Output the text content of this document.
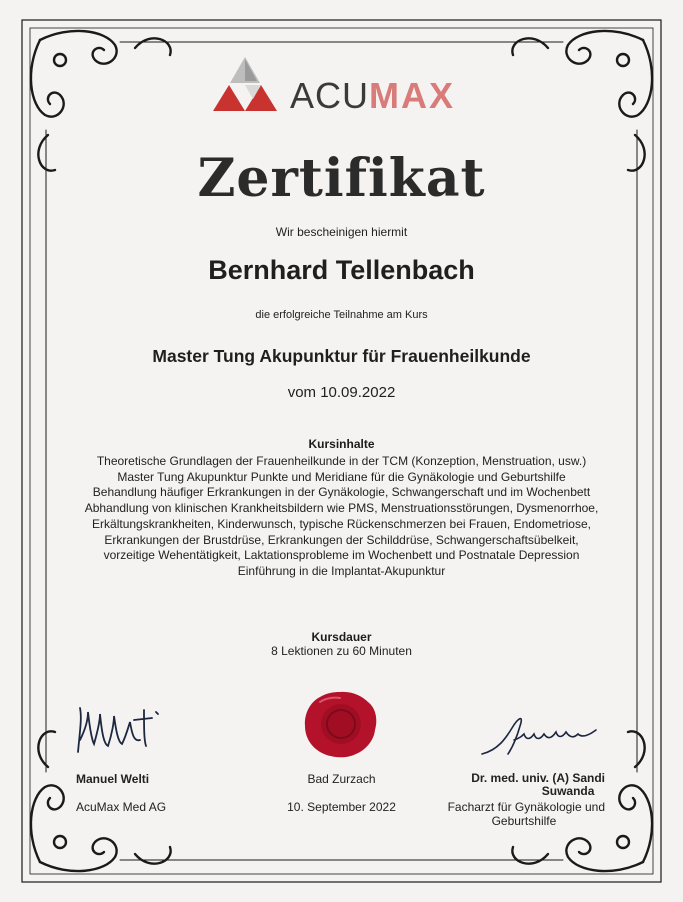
ACUMAX
Zertifikat
Wir bescheinigen hiermit
Bernhard Tellenbach
die erfolgreiche Teilnahme am Kurs
Master Tung Akupunktur für Frauenheilkunde
vom 10.09.2022
Kursinhalte
Theoretische Grundlagen der Frauenheilkunde in der TCM (Konzeption, Menstruation, usw.)
Master Tung Akupunktur Punkte und Meridiane für die Gynäkologie und Geburtshilfe
Behandlung häufiger Erkrankungen in der Gynäkologie, Schwangerschaft und im Wochenbett
Abhandlung von klinischen Krankheitsbildern wie PMS, Menstruationsstörungen, Dysmenorrhoe,
Erkältungskrankheiten, Kinderwunsch, typische Rückenschmerzen bei Frauen, Endometriose,
Erkrankungen der Brustdrüse, Erkrankungen der Schilddrüse, Schwangerschaftsübelkeit,
vorzeitige Wehentätigkeit, Laktationsprobleme im Wochenbett und Postnatale Depression
Einführung in die Implantat-Akupunktur
Kursdauer
8 Lektionen zu 60 Minuten
Manuel Welti
AcuMax Med AG
Bad Zurzach
10. September 2022
Dr. med. univ. (A) Sandi
Suwanda
Facharzt für Gynäkologie und
Geburtshilfe
